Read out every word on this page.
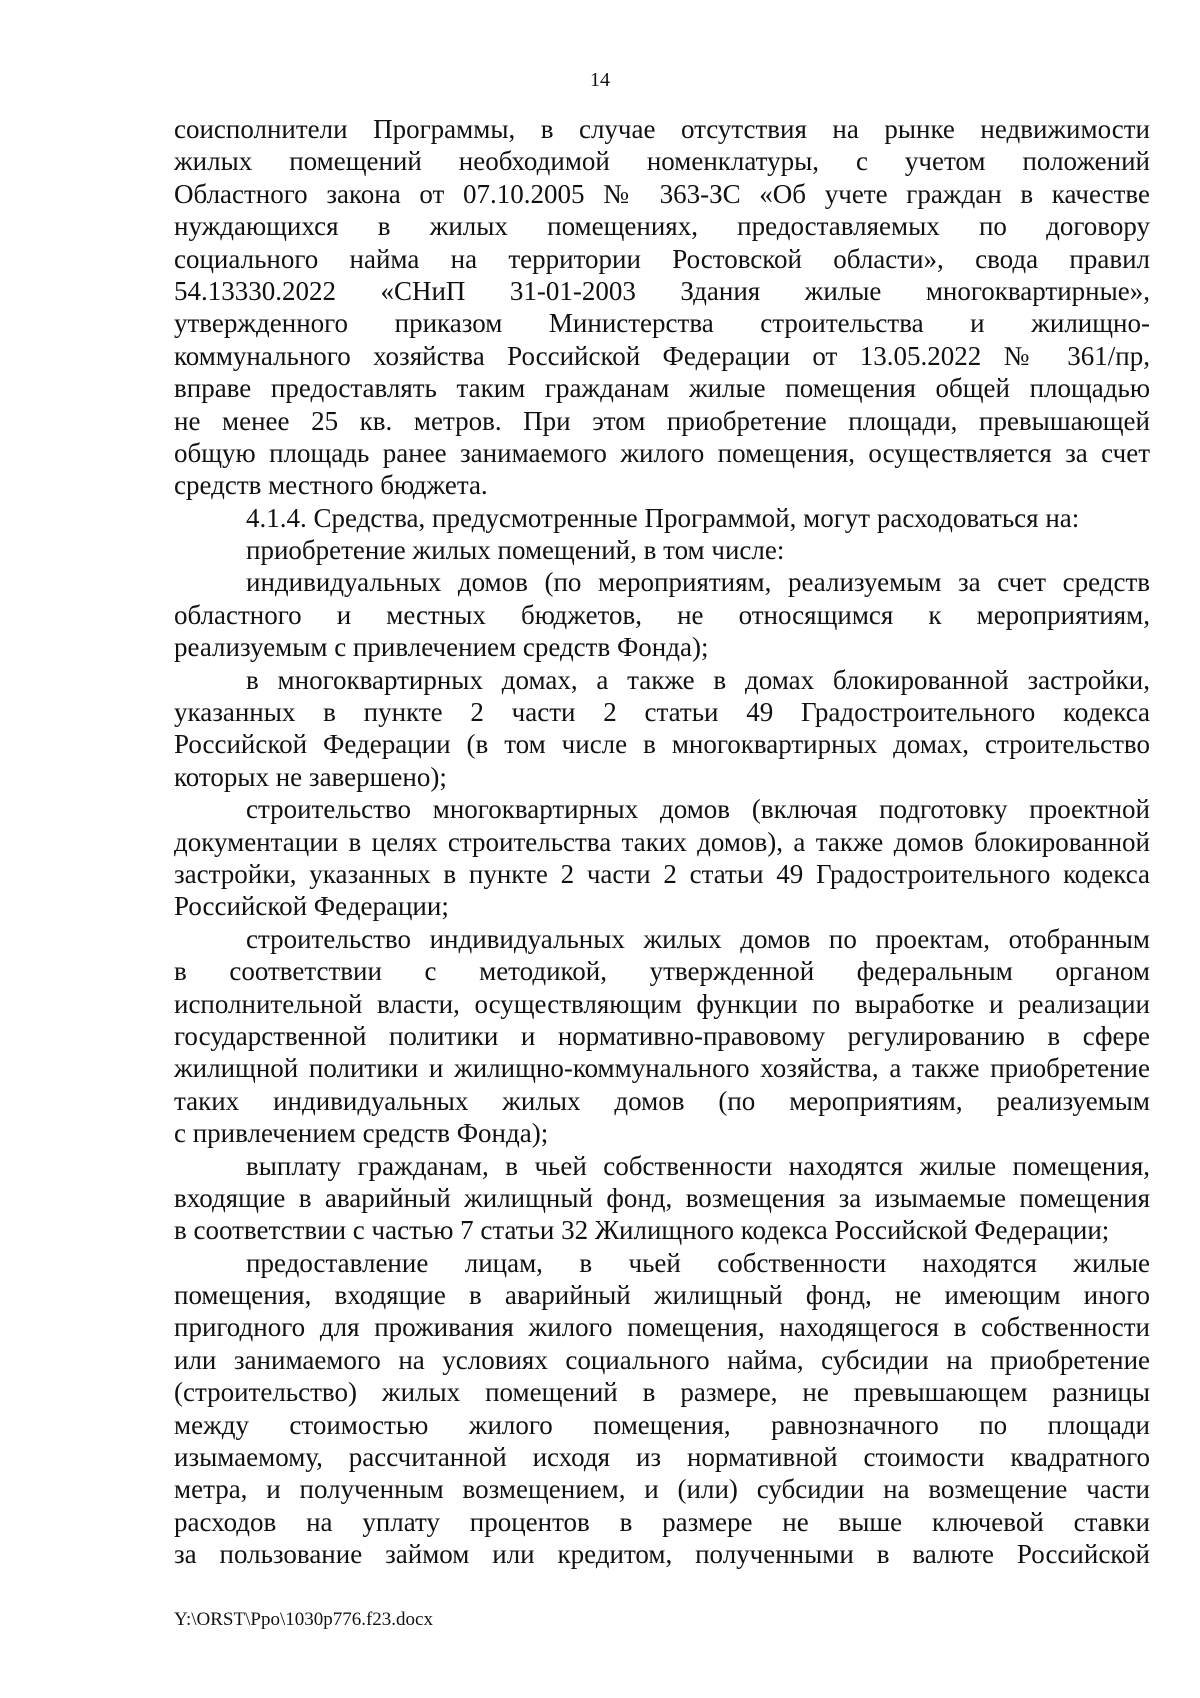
14
соисполнители Программы, в случае отсутствия на рынке недвижимости
жилых помещений необходимой номенклатуры, с учетом положений
Областного закона от 07.10.2005 № 363-ЗС «Об учете граждан в качестве
нуждающихся в жилых помещениях, предоставляемых по договору
социального найма на территории Ростовской области», свода правил
54.13330.2022 «СНиП 31-01-2003 Здания жилые многоквартирные»,
утвержденного приказом Министерства строительства и жилищно-
коммунального хозяйства Российской Федерации от 13.05.2022 № 361/пр,
вправе предоставлять таким гражданам жилые помещения общей площадью
не менее 25 кв. метров. При этом приобретение площади, превышающей
общую площадь ранее занимаемого жилого помещения, осуществляется за счет
средств местного бюджета.
4.1.4. Средства, предусмотренные Программой, могут расходоваться на:
приобретение жилых помещений, в том числе:
индивидуальных домов (по мероприятиям, реализуемым за счет средств
областного и местных бюджетов, не относящимся к мероприятиям,
реализуемым с привлечением средств Фонда);
в многоквартирных домах, а также в домах блокированной застройки,
указанных в пункте 2 части 2 статьи 49 Градостроительного кодекса
Российской Федерации (в том числе в многоквартирных домах, строительство
которых не завершено);
строительство многоквартирных домов (включая подготовку проектной
документации в целях строительства таких домов), а также домов блокированной
застройки, указанных в пункте 2 части 2 статьи 49 Градостроительного кодекса
Российской Федерации;
строительство индивидуальных жилых домов по проектам, отобранным
в соответствии с методикой, утвержденной федеральным органом
исполнительной власти, осуществляющим функции по выработке и реализации
государственной политики и нормативно-правовому регулированию в сфере
жилищной политики и жилищно-коммунального хозяйства, а также приобретение
таких индивидуальных жилых домов (по мероприятиям, реализуемым
с привлечением средств Фонда);
выплату гражданам, в чьей собственности находятся жилые помещения,
входящие в аварийный жилищный фонд, возмещения за изымаемые помещения
в соответствии с частью 7 статьи 32 Жилищного кодекса Российской Федерации;
предоставление лицам, в чьей собственности находятся жилые
помещения, входящие в аварийный жилищный фонд, не имеющим иного
пригодного для проживания жилого помещения, находящегося в собственности
или занимаемого на условиях социального найма, субсидии на приобретение
(строительство) жилых помещений в размере, не превышающем разницы
между стоимостью жилого помещения, равнозначного по площади
изымаемому, рассчитанной исходя из нормативной стоимости квадратного
метра, и полученным возмещением, и (или) субсидии на возмещение части
расходов на уплату процентов в размере не выше ключевой ставки
за пользование займом или кредитом, полученными в валюте Российской
Y:\ORST\Ppo\1030p776.f23.docx
